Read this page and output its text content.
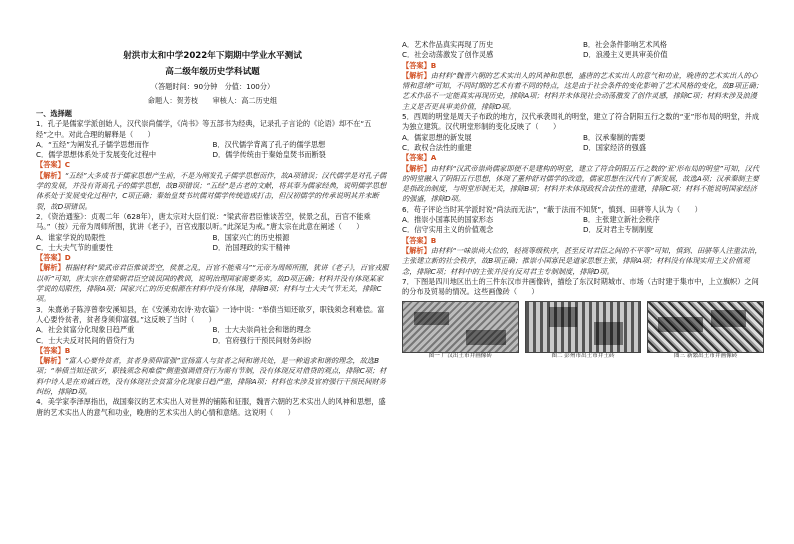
射洪市太和中学2022年下期期中学业水平测试

高二级年级历史学科试题

（答题时间：90分钟　分值：100分）

命题人：贺芳枝　　审核人：高二历史组

一、选择题

1．孔子是儒家学派创始人，汉代崇尚儒学，《尚书》等五部书为经典，记录孔子言论的《论语》却不在“五经”之中。对此合理的解释是（　　）

A．“五经”为阐发孔子儒学思想而作	B．汉代儒学背离了孔子的儒学思想
C．儒学思想体系处于发展变化过程中	D．儒学传统由于秦始皇焚书而断裂

【答案】C

【解析】“五经”大多成书于儒家思想产生前，不是为阐发孔子儒学思想而作，故A项错误；汉代儒学是对孔子儒学的发展，并没有背离孔子的儒学思想，故B项错误；“五经”是古老的文献，将其奉为儒家经典，说明儒学思想体系处于发展变化过程中，C项正确；秦始皇焚书坑儒对儒学传统造成打击，但汉初儒学的传承说明其并未断裂，故D项错误。

2．《资治通鉴》：贞观二年（628年），唐太宗对大臣们说：“梁武帝君臣惟谈苦空，侯景之乱，百官不能乘马。”（按）元帝为周师所围，犹讲《老子》，百官戎服以听。”此深足为戒。”唐太宗在此意在阐述（　　）

A．谁家学说的局限性	B．国家兴亡的历史根源
C．士大夫气节的重要性	D．治国理政的实干精神

【答案】D

【解析】根据材料“梁武帝君臣惟谈苦空，侯景之乱，百官不能乘马”“元帝为周师所围，犹讲《老子》，百官戎服以听”可知，唐太宗在借梁朝君臣空谈误国的教训，说明治理国家需要务实，故D项正确；材料并没有体现某家学说的局限性，排除A项；国家兴亡的历史根源在材料中没有体现，排除B项；材料与士大夫气节无关，排除C项。

3．朱熹弟子陈淳曾奉安溪知县，在《安溪劝农诗·劝农篇》一诗中说：“举债当知还欲歹，职钱须念利难偿。富人心要怜贫者，贫者身须仰富强。”这反映了当时（　　）

A．社会贫富分化现象日趋严重	B．士大夫崇尚社会和谐的理念
C．士大夫反对民间的借贷行为	D．官府强行干预民间财务纠纷

【答案】B

【解析】“富人心要怜贫者，贫者身须仰富强”宣扬富人与贫者之间和谐共处，是一种追求和谐的理念，故选B项；“举债当知还欲歹，职钱须念利难偿”侧重强调借贷行为需有节制，没有体现反对借贷的观点，排除C项；材料中诗人是在劝诫百姓，没有体现社会贫富分化现象日趋严重，排除A项；材料也未涉及官府强行干预民间财务纠纷，排除D项。

4．美学家李泽厚指出，战国秦汉的艺术实出人对世界的铺陈和征服，魏晋六朝的艺术实出人的风神和思想，盛唐的艺术实出人的意气和功业，晚唐的艺术实出人的心情和意绪。这说明（　　）

A．艺术作品真实再现了历史	B．社会条件影响艺术风格
C．社会动荡激发了创作灵感	D．浪漫主义更具审美价值

【答案】B

【解析】由材料“魏晋六朝的艺术实出人的风神和思想，盛唐的艺术实出人的意气和功业，晚唐的艺术实出人的心情和意绪”可知，不同时期的艺术有着不同的特点，这是由于社会条件的变化影响了艺术风格的变化，故B项正确；艺术作品不一定能真实再现历史，排除A项；材料并未体现社会动荡激发了创作灵感，排除C项；材料未涉及浪漫主义是否更具审美价值，排除D项。

5．西周的明堂是周天子布政的地方，汉代承袭周礼的明堂，建立了符合阴阳五行之数的“亚”形布局的明堂，并成为独立建筑。汉代明堂形制的变化反映了（　　）

A．儒家思想的新发展	B．汉承秦制的需要
C．政权合法性的重建	D．国家经济的强盛

【答案】A

【解析】由材料“汉武帝崇尚儒家即便不是建构的明堂，建立了符合阴阳五行之数的‘亚’形布局的明堂”可知，汉代的明堂融入了阴阳五行思想，体现了董仲舒对儒学的改造，儒家思想在汉代有了新发展，故选A项；汉承秦制主要是指政治制度，与明堂形制无关，排除B项；材料并未体现政权合法性的重建，排除C项；材料不能说明国家经济的强盛，排除D项。

6．苟子评论当时其学派时说“尚法而无法”，“蔽于法而不知贤”，慎到、田骈等人认为（　　）

A．推崇小国寡民的国家形态	B．主张建立新社会秩序
C．信守实用主义的价值观念	D．反对君主专制制度

【答案】B

【解析】由材料“一味崇尚大位的，轻视等级秩序，甚至反对君臣之间的不平等”可知，慎到、田骈等人注重法治，主张建立新的社会秩序，故B项正确；推崇小国寡民是道家思想主张，排除A项；材料没有体现实用主义价值观念，排除C项；材料中的主张并没有反对君主专制制度，排除D项。

7．下图是四川地区出土的三件东汉市井画像砖，描绘了东汉时期城市、市场（古时建于集市中，上立旗帜）之间的分布及贸易的情况。这些画像砖（　　）

图一 广汉出土市井画像砖	图二 彭州市出土市井土砖	图三 新繁出土市井画像砖
